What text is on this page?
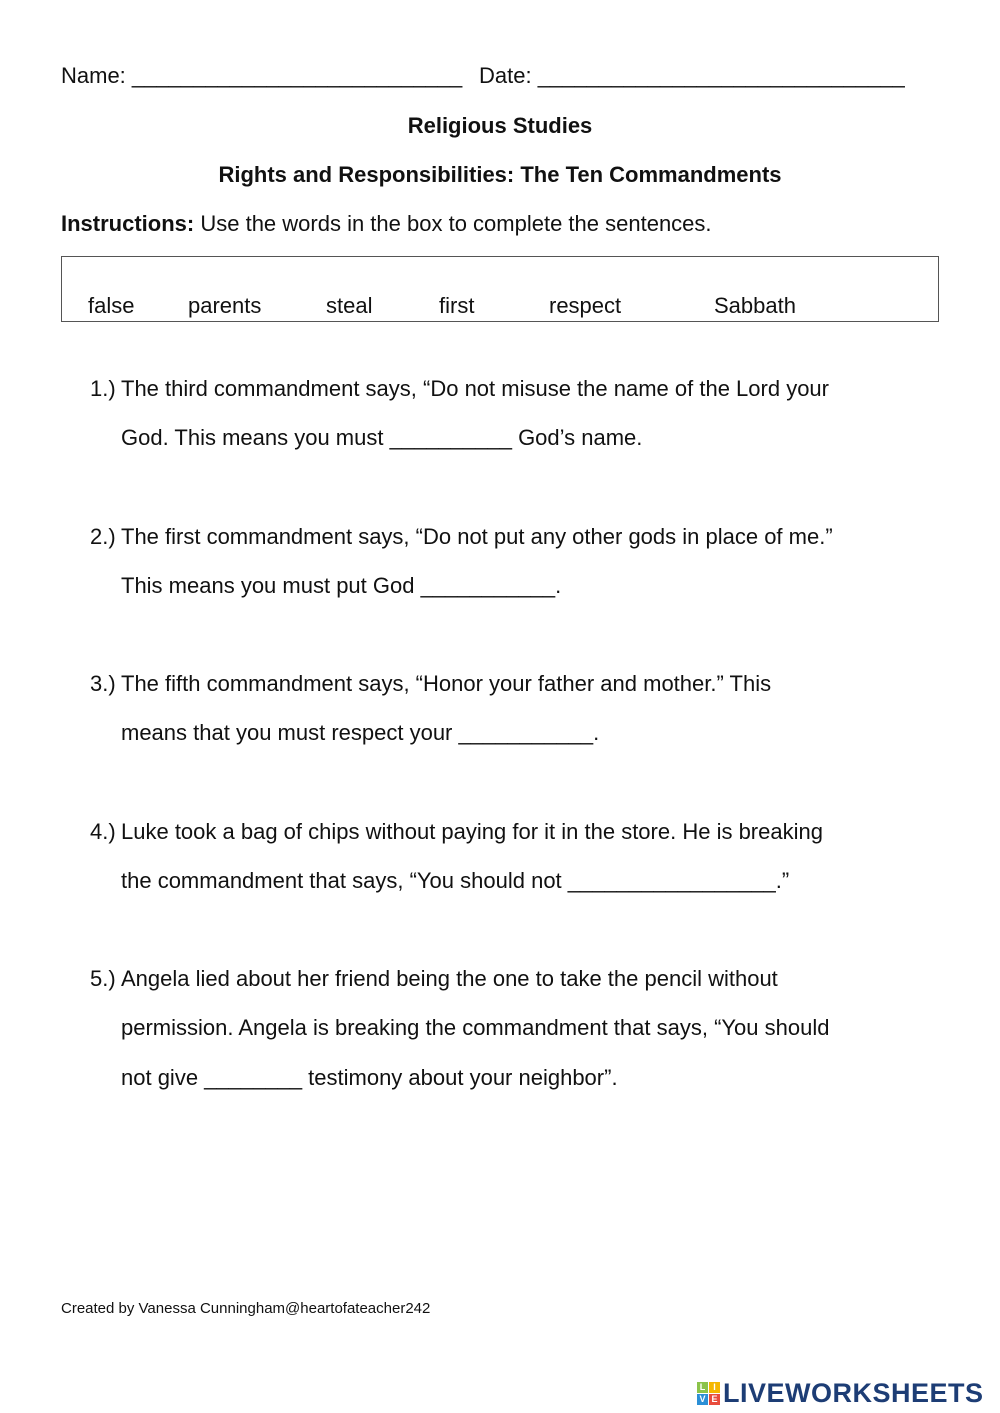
Name: ___________________________ Date: ______________________________
Religious Studies
Rights and Responsibilities: The Ten Commandments
Instructions: Use the words in the box to complete the sentences.
false parents	steal	first	respect	Sabbath
1.) The third commandment says, “Do not misuse the name of the Lord your
God. This means you must __________ God’s name.
2.) The first commandment says, “Do not put any other gods in place of me.”
This means you must put God ___________.
3.) The fifth commandment says, “Honor your father and mother.” This
means that you must respect your ___________.
4.) Luke took a bag of chips without paying for it in the store. He is breaking
the commandment that says, “You should not _________________.”
5.) Angela lied about her friend being the one to take the pencil without
permission. Angela is breaking the commandment that says, “You should
not give ________ testimony about your neighbor”.
Created by Vanessa Cunningham@heartofateacher242
L I
V E LIVEWORKSHEETS
